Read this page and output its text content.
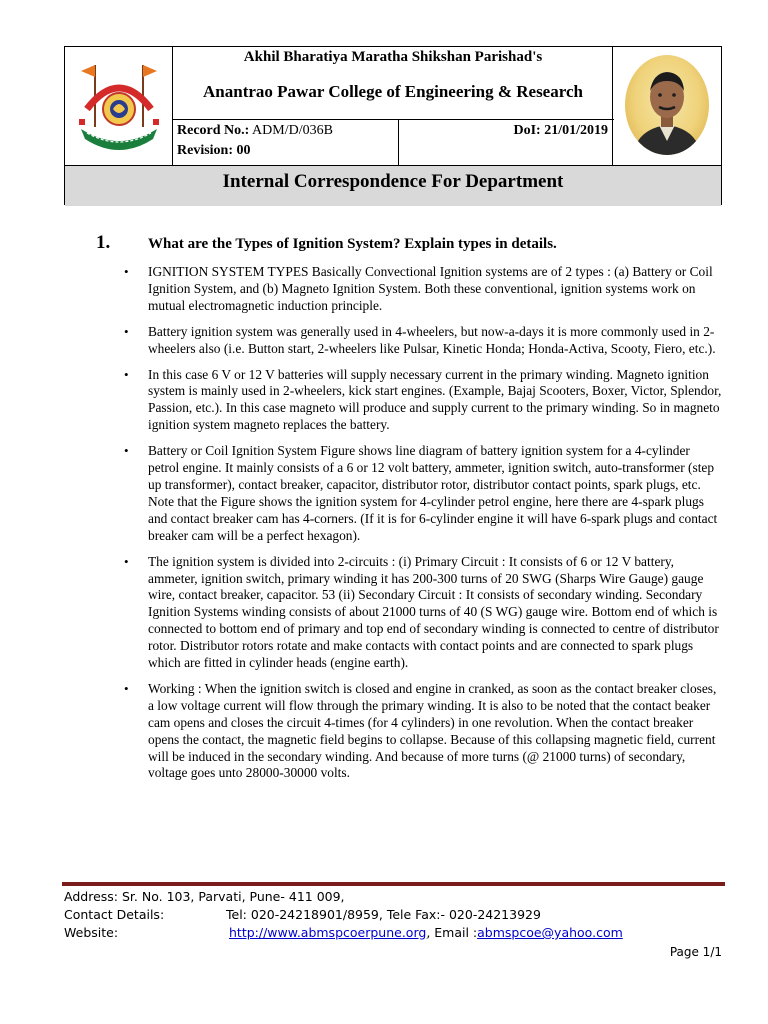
Akhil Bharatiya Maratha Shikshan Parishad's
Anantrao Pawar College of Engineering & Research
Record No.: ADM/D/036B
Revision: 00
DoI: 21/01/2019
Internal Correspondence For Department
1.	What are the Types of Ignition System? Explain types in details.
• IGNITION SYSTEM TYPES Basically Convectional Ignition systems are of 2 types : (a) Battery or Coil Ignition System, and (b) Magneto Ignition System. Both these conventional, ignition systems work on mutual electromagnetic induction principle.
• Battery ignition system was generally used in 4-wheelers, but now-a-days it is more commonly used in 2-wheelers also (i.e. Button start, 2-wheelers like Pulsar, Kinetic Honda; Honda-Activa, Scooty, Fiero, etc.).
• In this case 6 V or 12 V batteries will supply necessary current in the primary winding. Magneto ignition system is mainly used in 2-wheelers, kick start engines. (Example, Bajaj Scooters, Boxer, Victor, Splendor, Passion, etc.). In this case magneto will produce and supply current to the primary winding. So in magneto ignition system magneto replaces the battery.
• Battery or Coil Ignition System Figure shows line diagram of battery ignition system for a 4-cylinder petrol engine. It mainly consists of a 6 or 12 volt battery, ammeter, ignition switch, auto-transformer (step up transformer), contact breaker, capacitor, distributor rotor, distributor contact points, spark plugs, etc. Note that the Figure shows the ignition system for 4-cylinder petrol engine, here there are 4-spark plugs and contact breaker cam has 4-corners. (If it is for 6-cylinder engine it will have 6-spark plugs and contact breaker cam will be a perfect hexagon).
• The ignition system is divided into 2-circuits : (i) Primary Circuit : It consists of 6 or 12 V battery, ammeter, ignition switch, primary winding it has 200-300 turns of 20 SWG (Sharps Wire Gauge) gauge wire, contact breaker, capacitor. 53 (ii) Secondary Circuit : It consists of secondary winding. Secondary Ignition Systems winding consists of about 21000 turns of 40 (S WG) gauge wire. Bottom end of which is connected to bottom end of primary and top end of secondary winding is connected to centre of distributor rotor. Distributor rotors rotate and make contacts with contact points and are connected to spark plugs which are fitted in cylinder heads (engine earth).
• Working : When the ignition switch is closed and engine in cranked, as soon as the contact breaker closes, a low voltage current will flow through the primary winding. It is also to be noted that the contact beaker cam opens and closes the circuit 4-times (for 4 cylinders) in one revolution. When the contact breaker opens the contact, the magnetic field begins to collapse. Because of this collapsing magnetic field, current will be induced in the secondary winding. And because of more turns (@ 21000 turns) of secondary, voltage goes unto 28000-30000 volts.
Address: Sr. No. 103, Parvati, Pune- 411 009,
Contact Details:	Tel: 020-24218901/8959, Tele Fax:- 020-24213929
Website:	http://www.abmspcoerpune.org, Email :abmspcoe@yahoo.com
Page 1/1
